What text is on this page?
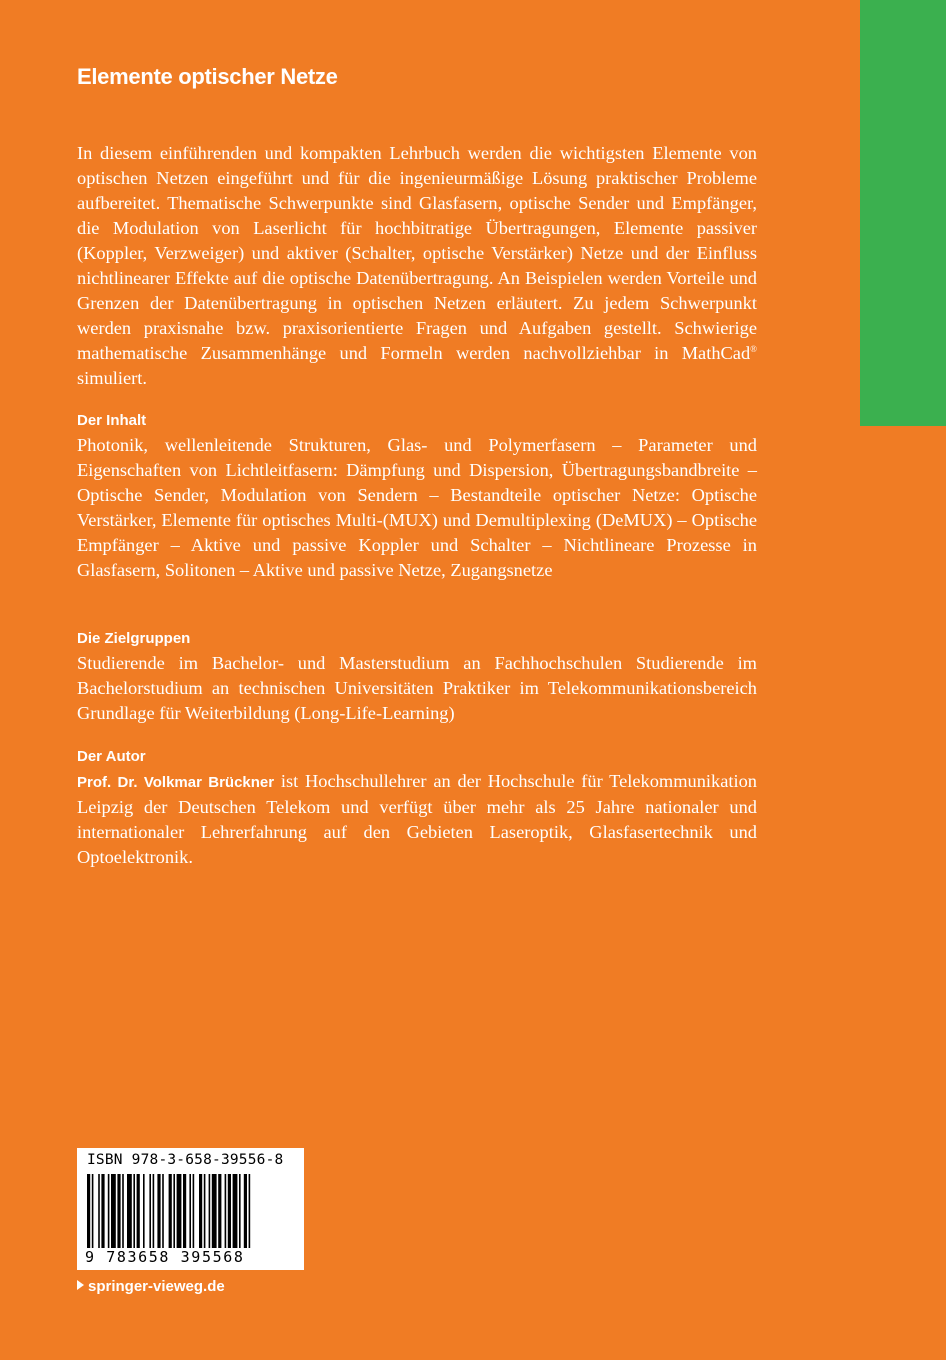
Elemente optischer Netze
In diesem einführenden und kompakten Lehrbuch werden die wichtigsten Elemente von optischen Netzen eingeführt und für die ingenieurmäßige Lösung praktischer Probleme aufbereitet. Thematische Schwerpunkte sind Glasfasern, optische Sender und Empfänger, die Modulation von Laserlicht für hochbitratige Übertragungen, Elemente passiver (Koppler, Verzweiger) und aktiver (Schalter, optische Verstärker) Netze und der Einfluss nichtlinearer Effekte auf die optische Datenübertragung. An Beispielen werden Vorteile und Grenzen der Datenübertragung in optischen Netzen erläutert. Zu jedem Schwerpunkt werden praxisnahe bzw. praxisorientierte Fragen und Aufgaben gestellt. Schwierige mathematische Zusammenhänge und Formeln werden nachvollziehbar in MathCad® simuliert.
Der Inhalt
Photonik, wellenleitende Strukturen, Glas- und Polymerfasern – Parameter und Eigenschaften von Lichtleitfasern: Dämpfung und Dispersion, Übertragungsbandbreite – Optische Sender, Modulation von Sendern – Bestandteile optischer Netze: Optische Verstärker, Elemente für optisches Multi-(MUX) und Demultiplexing (DeMUX) – Optische Empfänger – Aktive und passive Koppler und Schalter – Nichtlineare Prozesse in Glasfasern, Solitonen – Aktive und passive Netze, Zugangsnetze
Die Zielgruppen
Studierende im Bachelor- und Masterstudium an Fachhochschulen Studierende im Bachelorstudium an technischen Universitäten Praktiker im Telekommunikationsbereich Grundlage für Weiterbildung (Long-Life-Learning)
Der Autor
Prof. Dr. Volkmar Brückner ist Hochschullehrer an der Hochschule für Telekommunikation Leipzig der Deutschen Telekom und verfügt über mehr als 25 Jahre nationaler und internationaler Lehrerfahrung auf den Gebieten Laseroptik, Glasfasertechnik und Optoelektronik.
ISBN 978-3-658-39556-8
9 783658 395568
springer-vieweg.de
